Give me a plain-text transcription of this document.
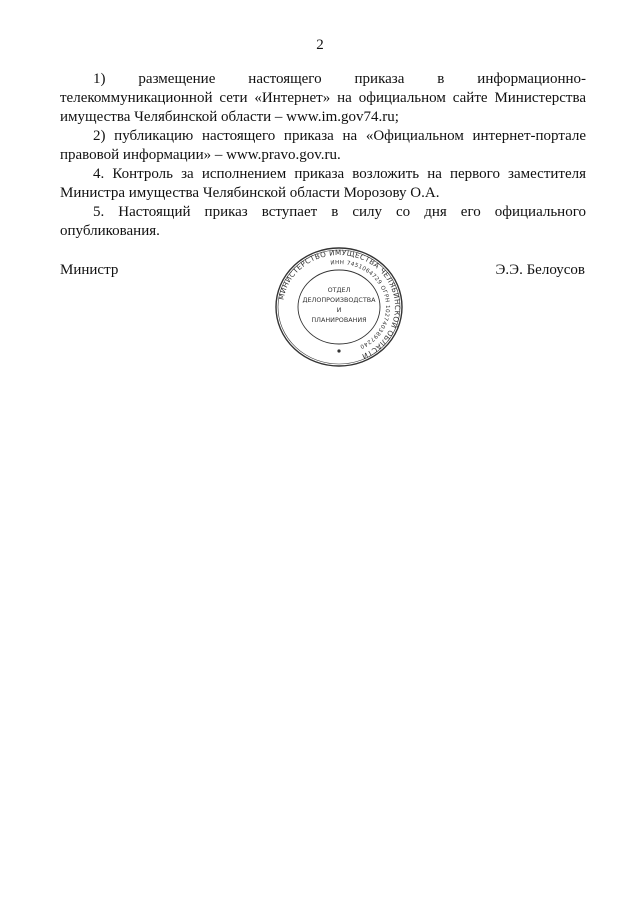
2

1) размещение настоящего приказа в информационно-телекоммуникационной сети «Интернет» на официальном сайте Министерства имущества Челябинской области – www.im.gov74.ru;

2) публикацию настоящего приказа на «Официальном интернет-портале правовой информации» – www.pravo.gov.ru.

4. Контроль за исполнением приказа возложить на первого заместителя Министра имущества Челябинской области Морозову О.А.

5. Настоящий приказ вступает в силу со дня его официального опубликования.

Министр
МИНИСТЕРСТВО ИМУЩЕСТВА ЧЕЛЯБИНСКОЙ ОБЛАСТИ
ИНН 7451064729 ОГРН 1027403897240
ОТДЕЛ
ДЕЛОПРОИЗВОДСТВА
И
ПЛАНИРОВАНИЯ
Э.Э. Белоусов
